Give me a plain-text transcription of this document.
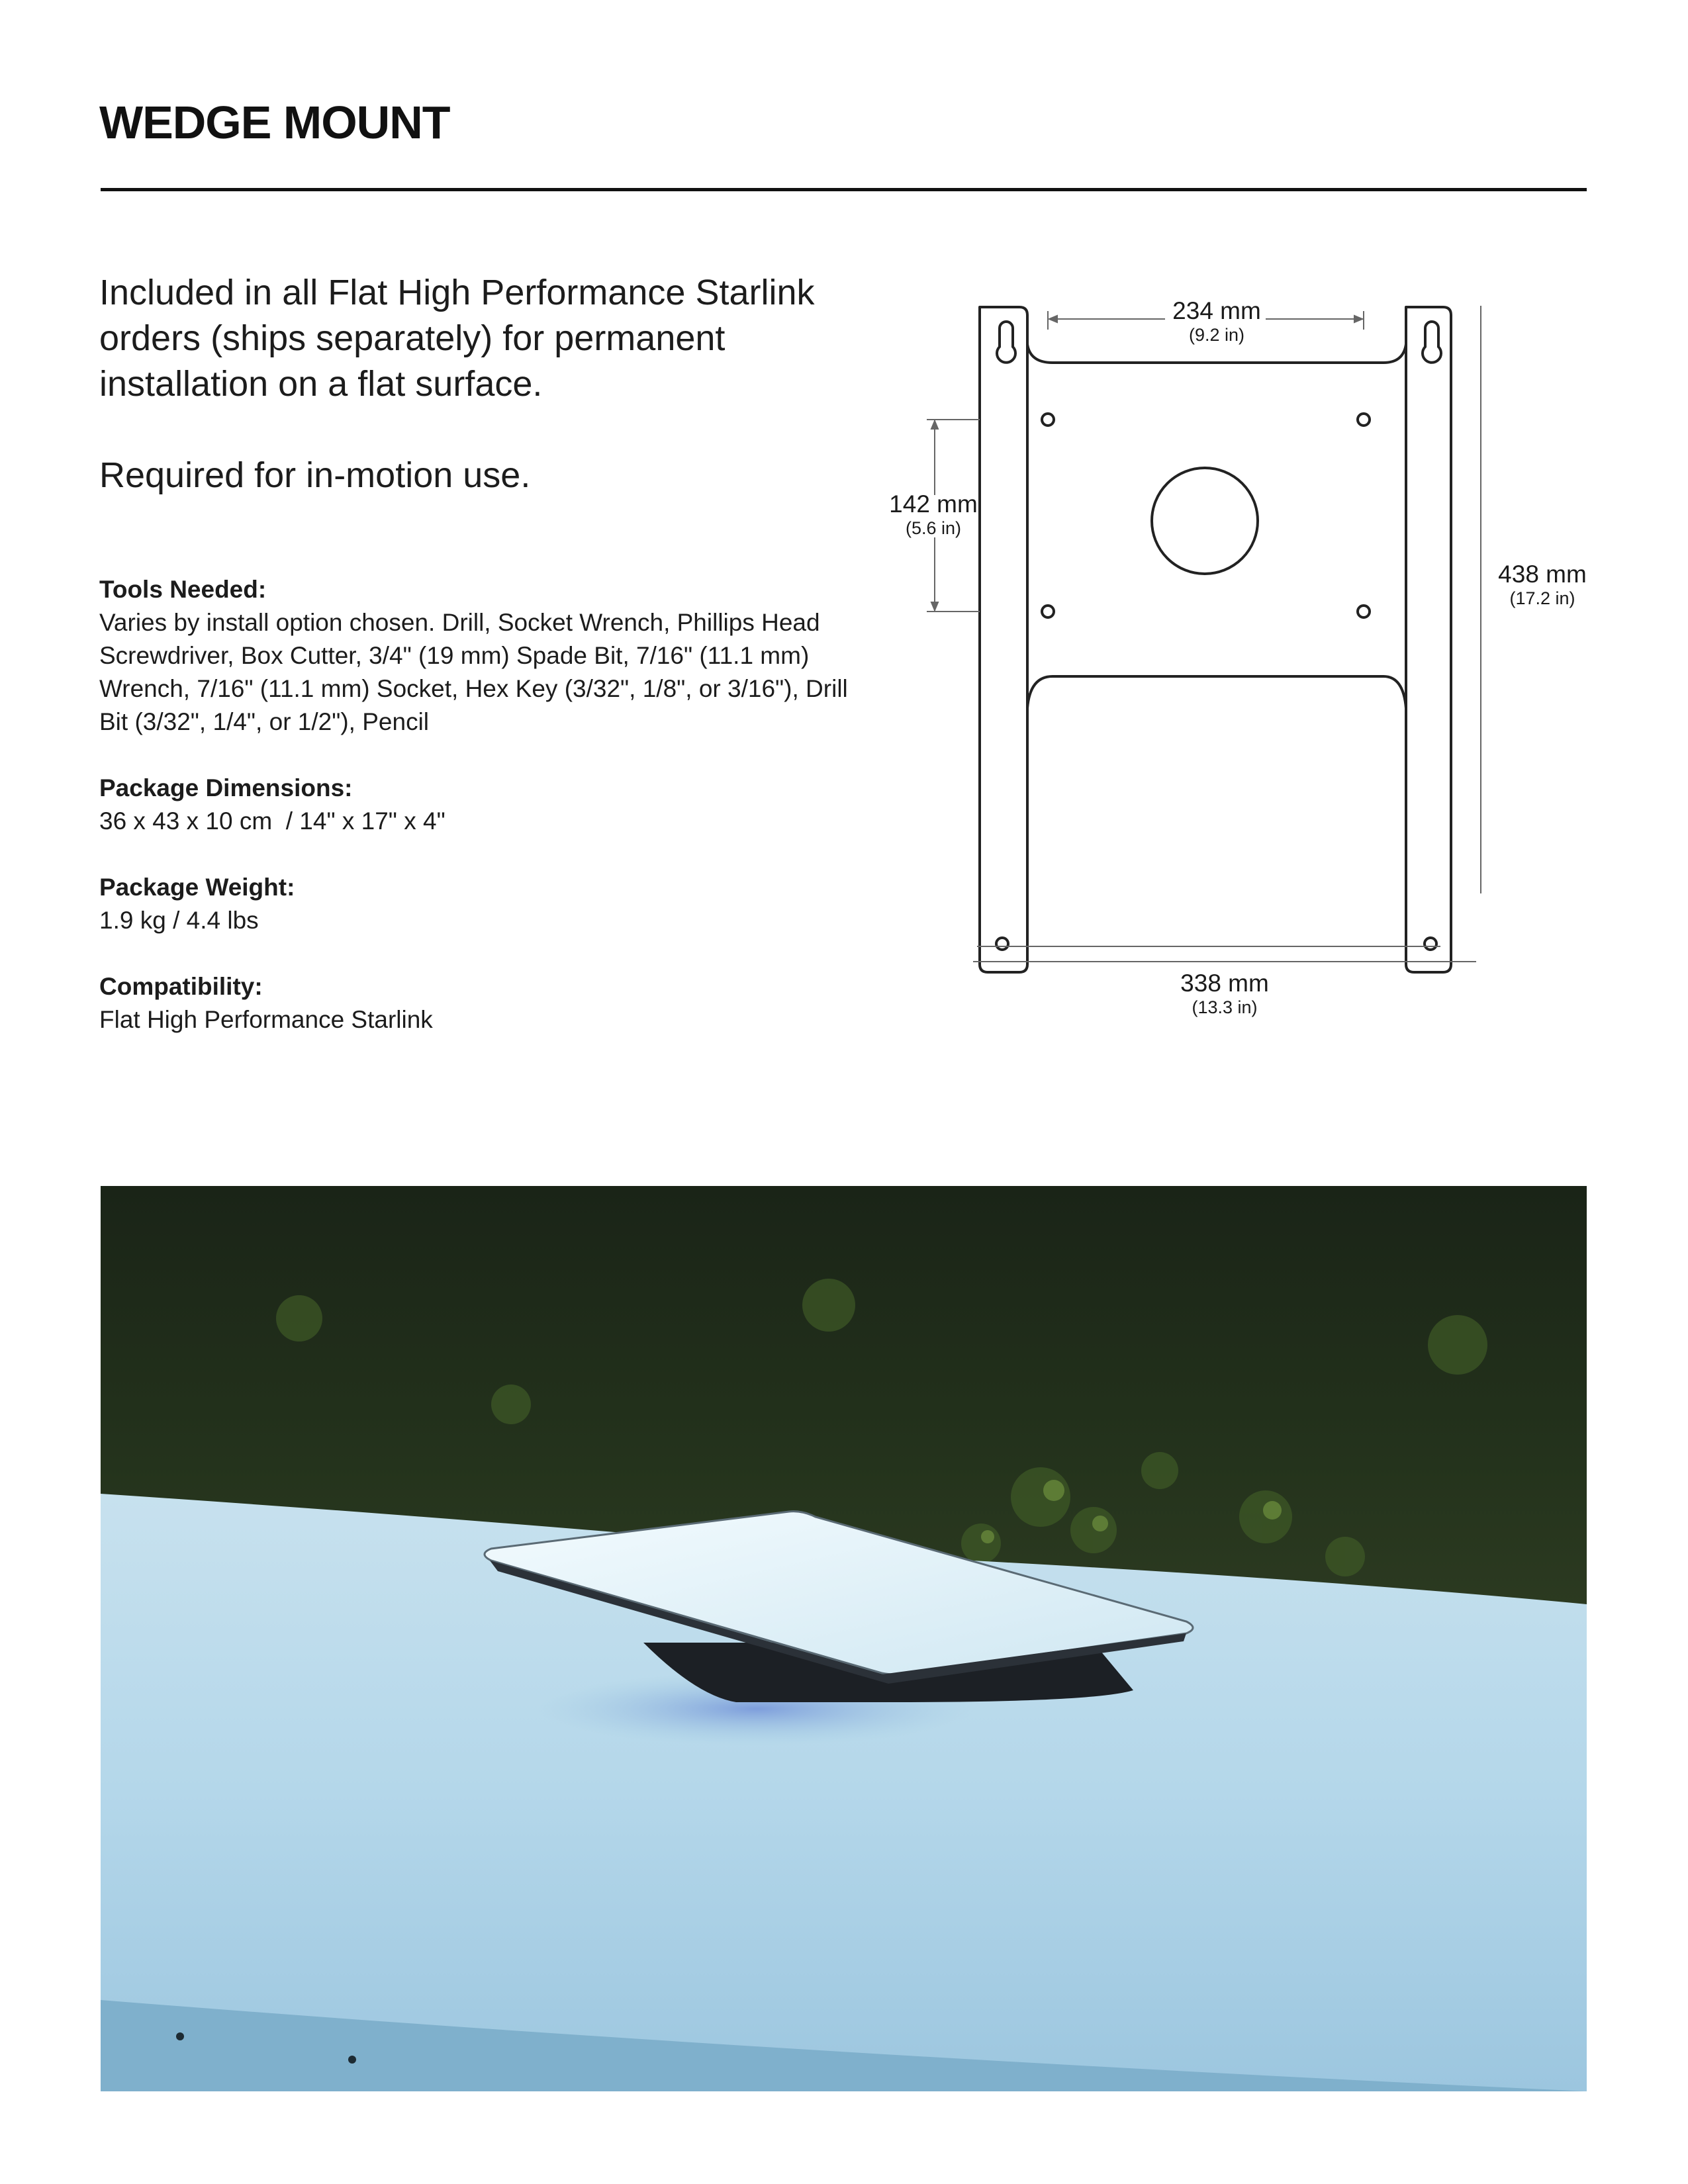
WEDGE MOUNT

Included in all Flat High Performance Starlink orders (ships separately) for permanent installation on a flat surface.

Required for in-motion use.

Tools Needed:
Varies by install option chosen. Drill, Socket Wrench, Phillips Head Screwdriver, Box Cutter, 3/4" (19 mm) Spade Bit, 7/16" (11.1 mm) Wrench, 7/16" (11.1 mm) Socket, Hex Key (3/32", 1/8", or 3/16"), Drill Bit (3/32", 1/4", or 1/2"), Pencil
Package Dimensions:
36 x 43 x 10 cm  / 14" x 17" x 4"
Package Weight:
1.9 kg / 4.4 lbs
Compatibility:
Flat High Performance Starlink
234 mm
(9.2 in)
142 mm
(5.6 in)
438 mm
(17.2 in)
338 mm
(13.3 in)
